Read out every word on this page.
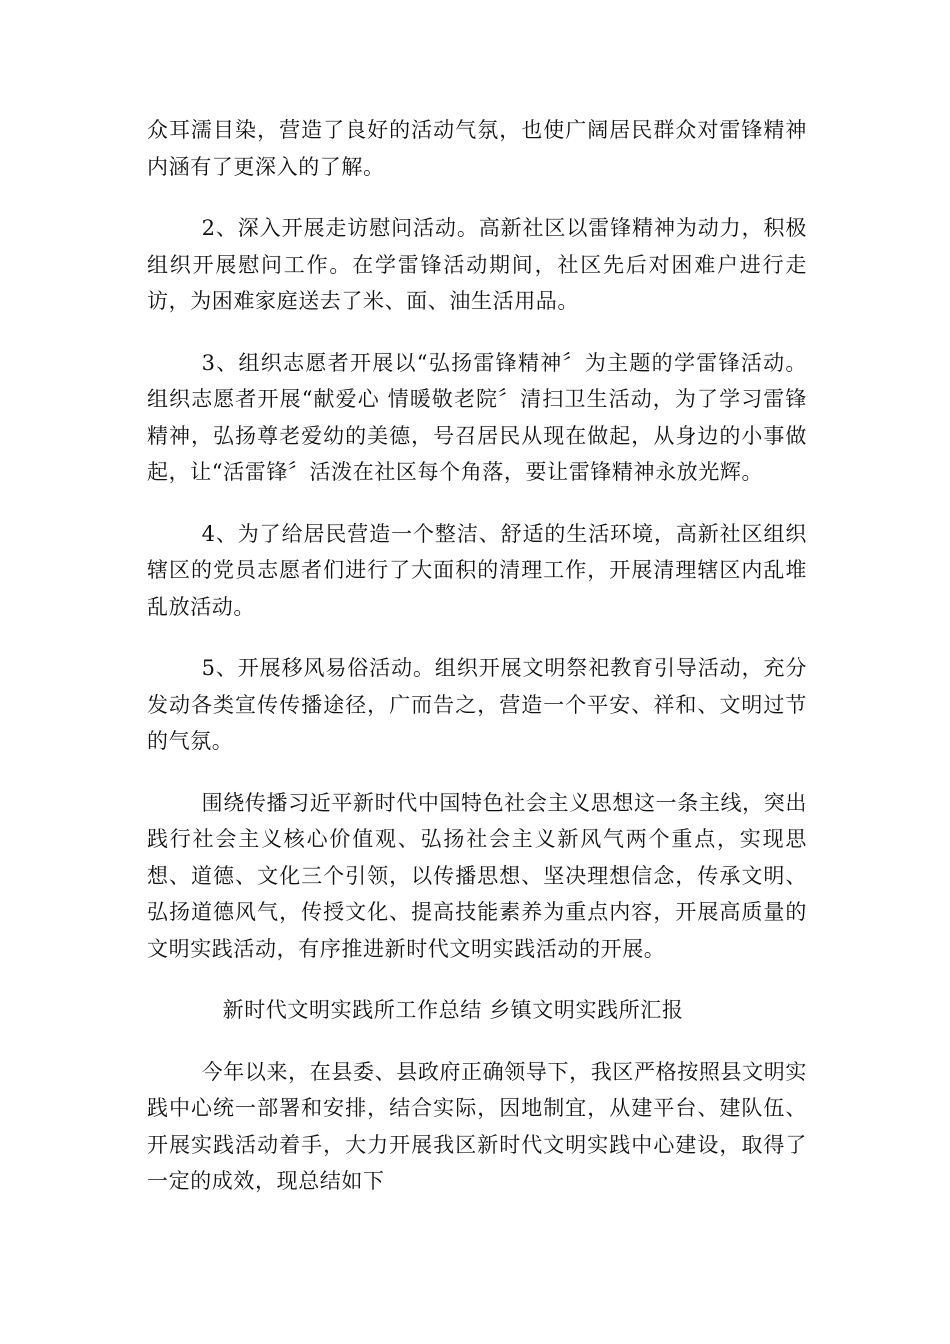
众耳濡目染，营造了良好的活动气氛，也使广阔居民群众对雷锋精神内涵有了更深入的了解。

2、深入开展走访慰问活动。高新社区以雷锋精神为动力，积极组织开展慰问工作。在学雷锋活动期间，社区先后对困难户进行走访，为困难家庭送去了米、面、油生活用品。

3、组织志愿者开展以“弘扬雷锋精神〞为主题的学雷锋活动。组织志愿者开展“献爱心 情暖敬老院〞清扫卫生活动，为了学习雷锋精神，弘扬尊老爱幼的美德，号召居民从现在做起，从身边的小事做起，让“活雷锋〞活泼在社区每个角落，要让雷锋精神永放光辉。

4、为了给居民营造一个整洁、舒适的生活环境，高新社区组织辖区的党员志愿者们进行了大面积的清理工作，开展清理辖区内乱堆乱放活动。

5、开展移风易俗活动。组织开展文明祭祀教育引导活动，充分发动各类宣传传播途径，广而告之，营造一个平安、祥和、文明过节的气氛。

围绕传播习近平新时代中国特色社会主义思想这一条主线，突出践行社会主义核心价值观、弘扬社会主义新风气两个重点，实现思想、道德、文化三个引领，以传播思想、坚决理想信念，传承文明、弘扬道德风气，传授文化、提高技能素养为重点内容，开展高质量的文明实践活动，有序推进新时代文明实践活动的开展。

新时代文明实践所工作总结 乡镇文明实践所汇报

今年以来，在县委、县政府正确领导下，我区严格按照县文明实践中心统一部署和安排，结合实际，因地制宜，从建平台、建队伍、开展实践活动着手，大力开展我区新时代文明实践中心建设，取得了一定的成效，现总结如下
